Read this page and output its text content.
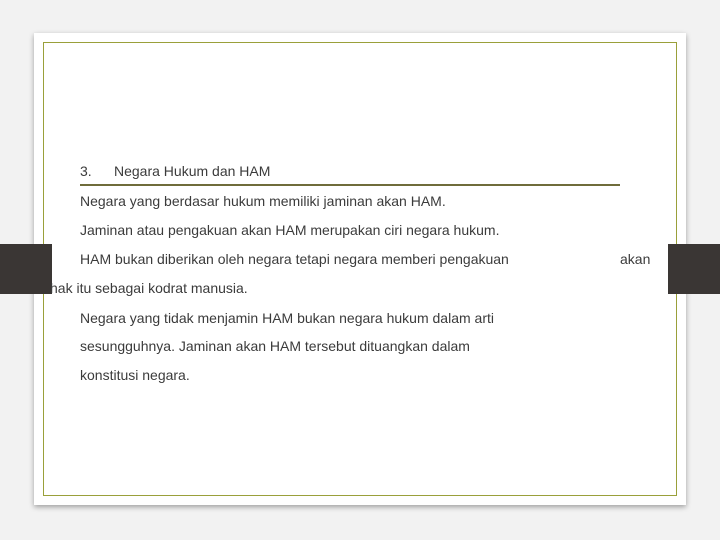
3. Negara Hukum dan HAM
Negara yang berdasar hukum memiliki jaminan akan HAM.
Jaminan atau pengakuan akan HAM merupakan ciri negara hukum.
HAM bukan diberikan oleh negara tetapi negara memberi pengakuan	akan
hak itu sebagai kodrat manusia.
Negara yang tidak menjamin HAM bukan negara hukum dalam arti
sesungguhnya. Jaminan akan HAM tersebut dituangkan dalam
konstitusi negara.
